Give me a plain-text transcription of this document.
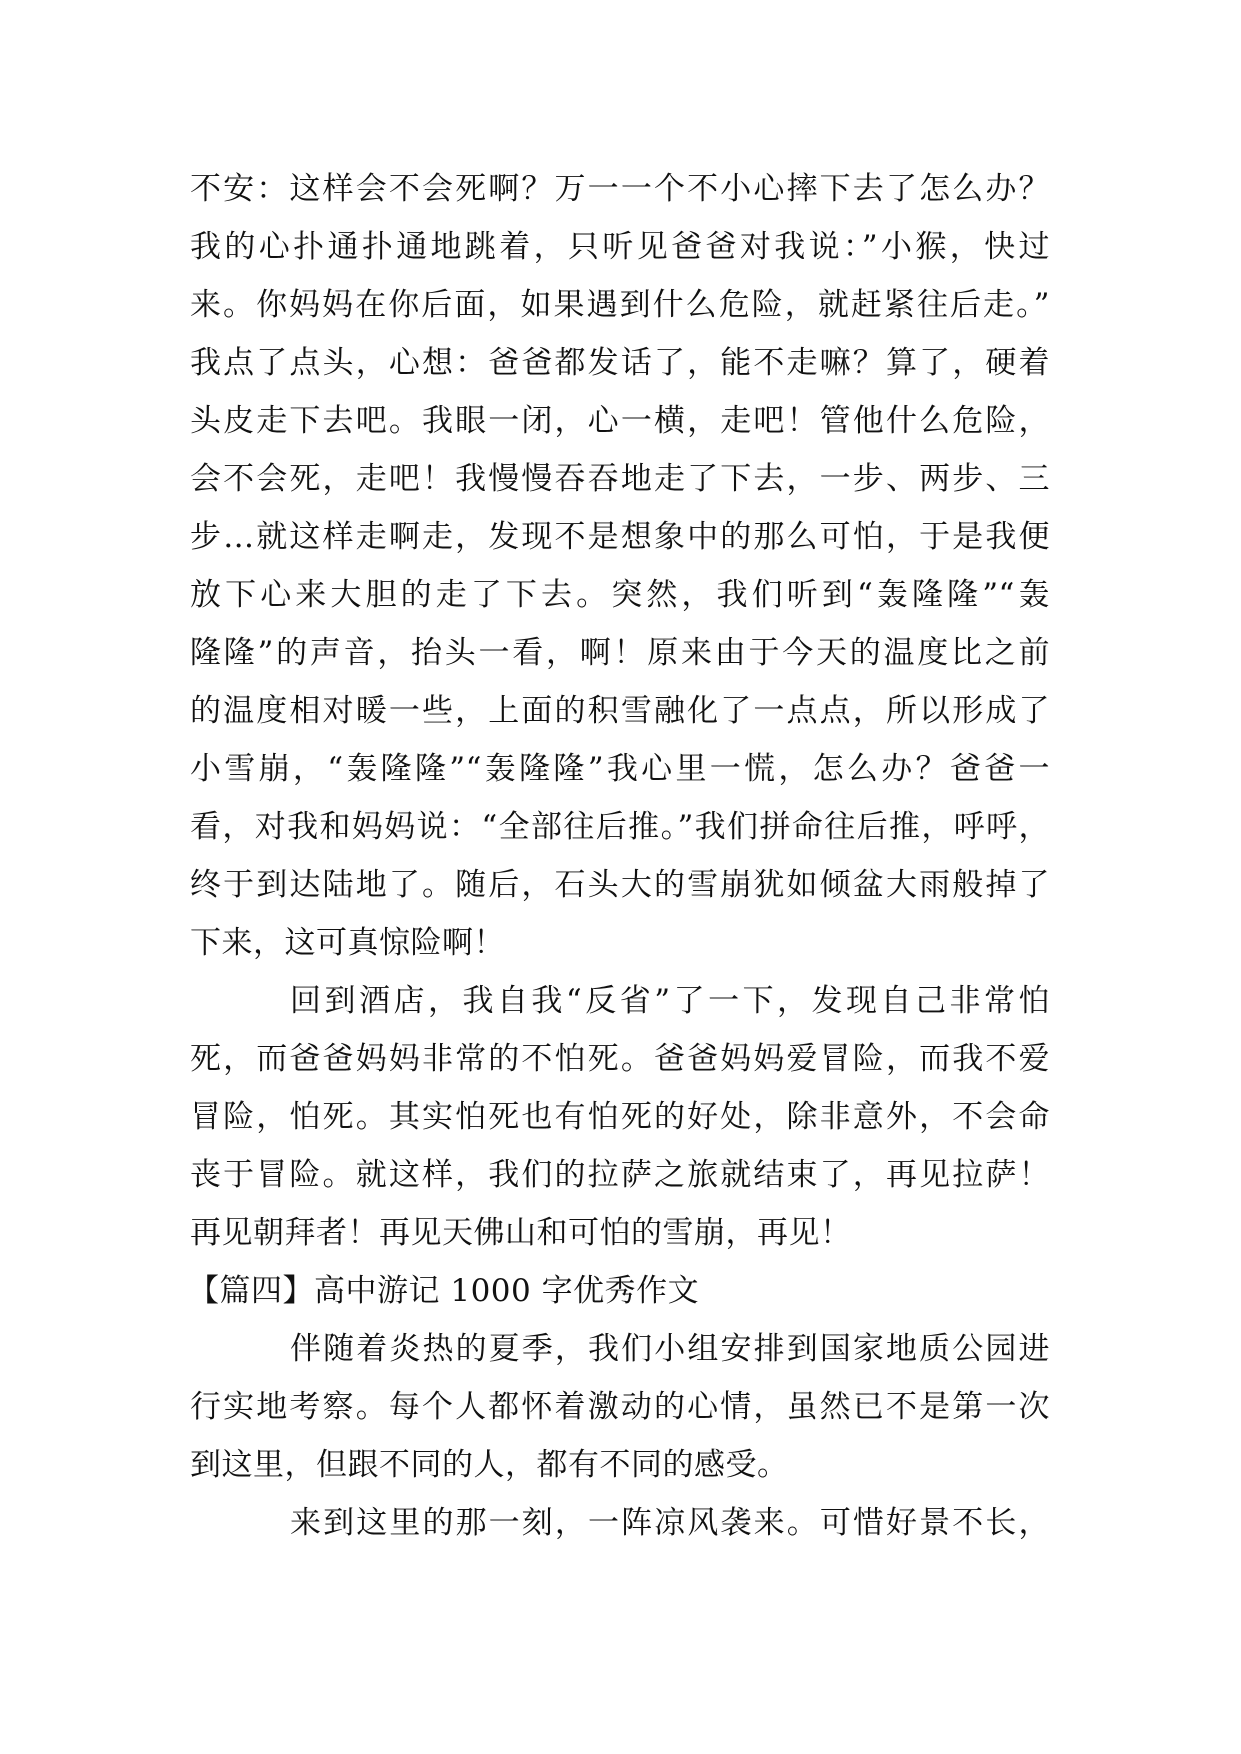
不安：这样会不会死啊？万一一个不小心摔下去了怎么办？
我的心扑通扑通地跳着，只听见爸爸对我说：”小猴，快过
来。你妈妈在你后面，如果遇到什么危险，就赶紧往后走。”
我点了点头，心想：爸爸都发话了，能不走嘛？算了，硬着
头皮走下去吧。我眼一闭，心一横，走吧！管他什么危险，
会不会死，走吧！我慢慢吞吞地走了下去，一步、两步、三
步…就这样走啊走，发现不是想象中的那么可怕，于是我便
放下心来大胆的走了下去。突然，我们听到“轰隆隆”“轰
隆隆”的声音，抬头一看，啊！原来由于今天的温度比之前
的温度相对暖一些，上面的积雪融化了一点点，所以形成了
小雪崩，“轰隆隆”“轰隆隆”我心里一慌，怎么办？爸爸一
看，对我和妈妈说：“全部往后推。”我们拼命往后推，呼呼，
终于到达陆地了。随后，石头大的雪崩犹如倾盆大雨般掉了
下来，这可真惊险啊！
回到酒店，我自我“反省”了一下，发现自己非常怕
死，而爸爸妈妈非常的不怕死。爸爸妈妈爱冒险，而我不爱
冒险，怕死。其实怕死也有怕死的好处，除非意外，不会命
丧于冒险。就这样，我们的拉萨之旅就结束了，再见拉萨！
再见朝拜者！再见天佛山和可怕的雪崩，再见！
【篇四】高中游记 1000 字优秀作文
伴随着炎热的夏季，我们小组安排到国家地质公园进
行实地考察。每个人都怀着激动的心情，虽然已不是第一次
到这里，但跟不同的人，都有不同的感受。
来到这里的那一刻，一阵凉风袭来。可惜好景不长，
